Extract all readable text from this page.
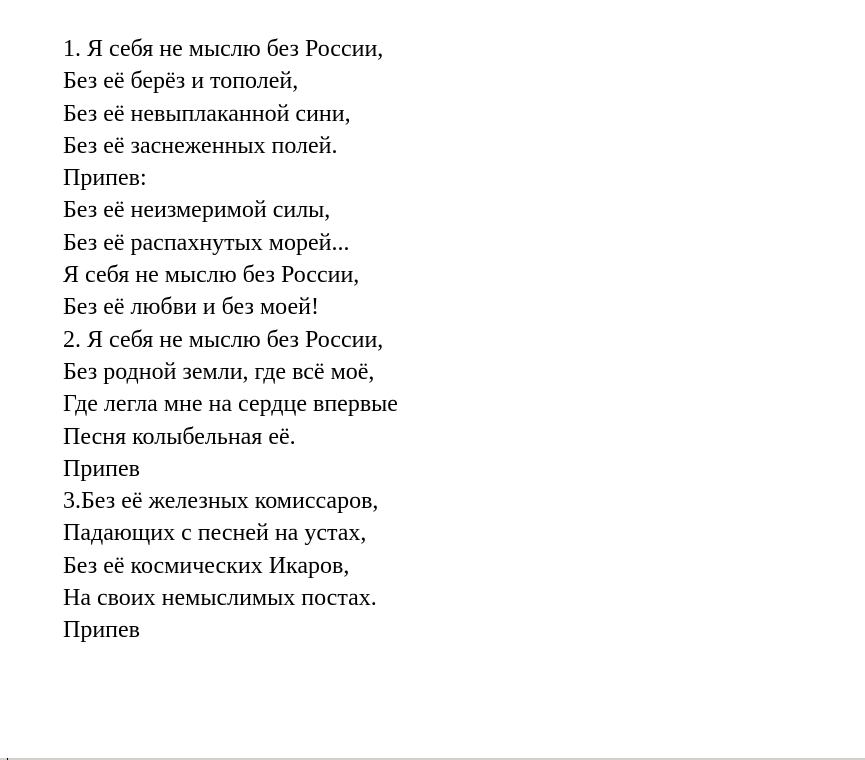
1. Я себя не мыслю без России,
Без её берёз и тополей,
Без её невыплаканной сини,
Без её заснеженных полей.
Припев:
Без её неизмеримой силы,
Без её распахнутых морей...
Я себя не мыслю без России,
Без её любви и без моей!
2. Я себя не мыслю без России,
Без родной земли, где всё моё,
Где легла мне на сердце впервые
Песня колыбельная её.
Припев
3.Без её железных комиссаров,
Падающих с песней на устах,
Без её космических Икаров,
На своих немыслимых постах.
Припев
